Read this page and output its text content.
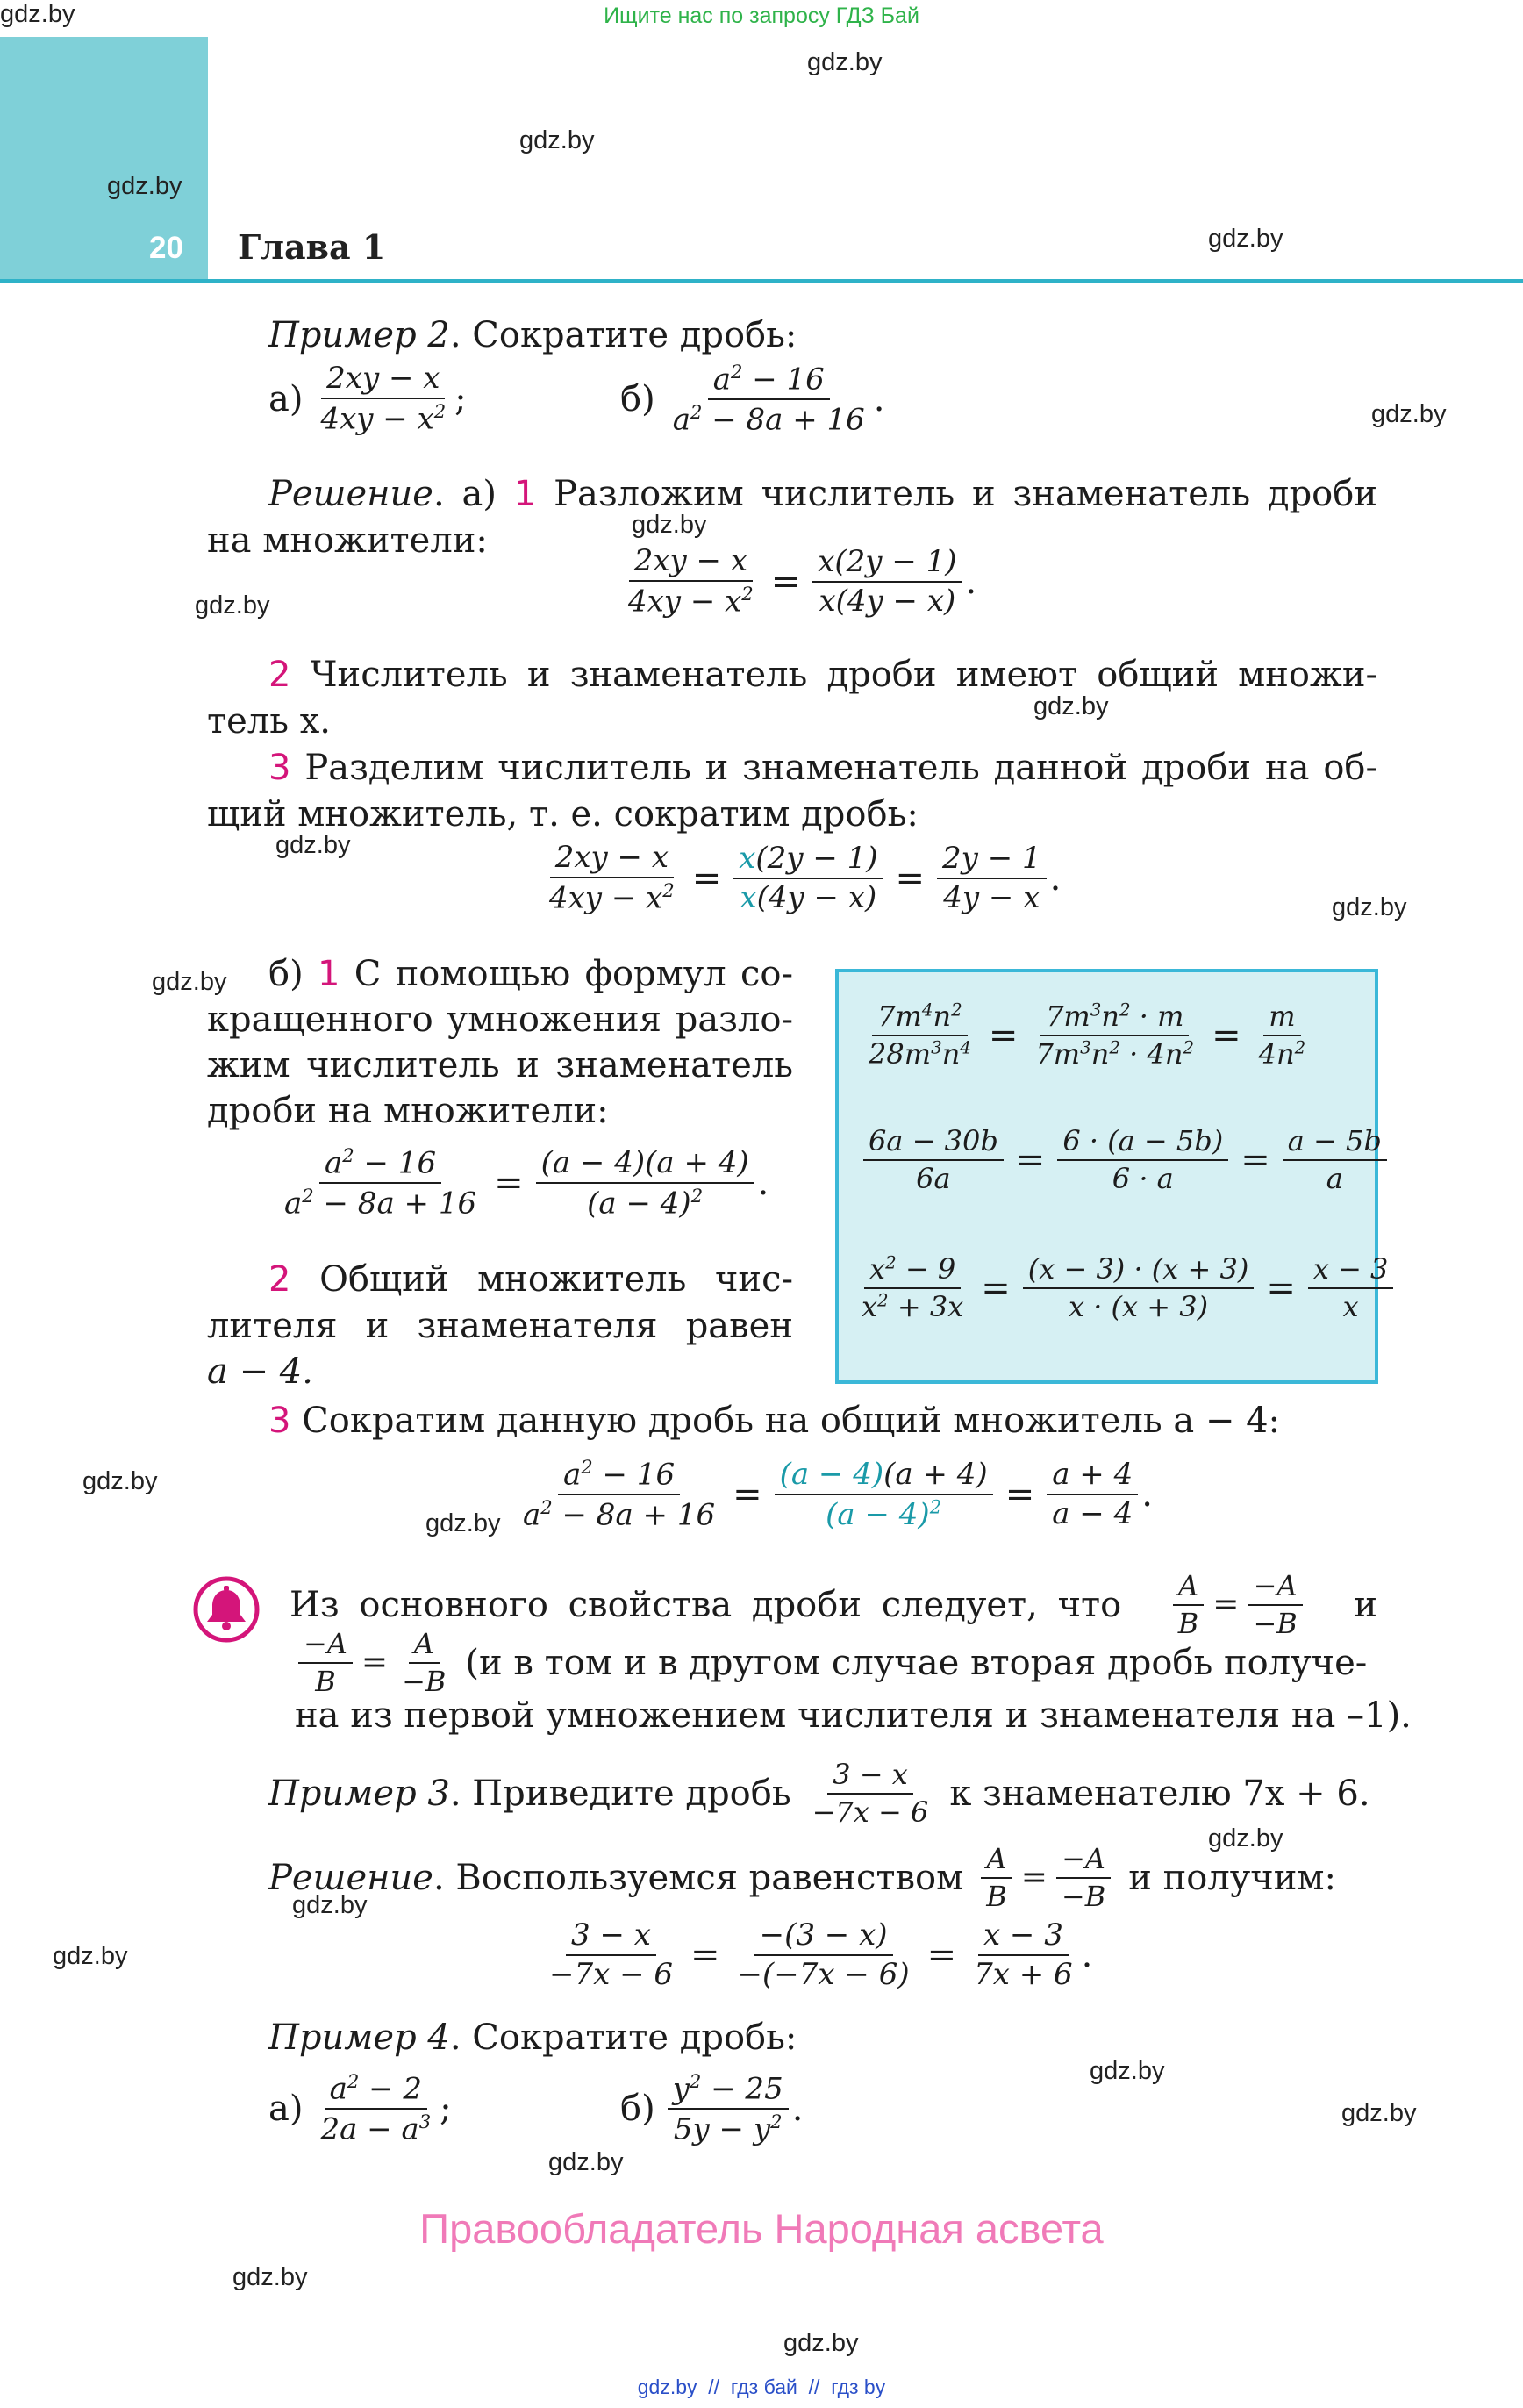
Ищите нас по запросу ГДЗ Бай
20 Глава 1
gdz.by
gdz.by
gdz.by
gdz.by
gdz.by
gdz.by
gdz.by
gdz.by
gdz.by
gdz.by
gdz.by
gdz.by
gdz.by
gdz.by
gdz.by
gdz.by
gdz.by
gdz.by
gdz.by
gdz.by
gdz.by
Пример 2. Сократите дробь:
а)
2xy − x
$4xy - x^2$ ;	б)
$a^2 - 16$
$a^2 - 8a + 16$
.
Решение. а) 1 Разложим числитель и знаменатель дроби
на множители:
$\frac{2xy - x}{4xy - x^2} = \frac{x(2y - 1)}{x(4y - x)}$ .
2 Числитель и знаменатель дроби имеют общий множи-
тель x.
3 Разделим числитель и знаменатель данной дроби на об-
щий множитель, т. е. сократим дробь:
$\frac{2xy - x}{4xy - x^2} = \frac{x(2y - 1)}{x(4y - x)} = \frac{2y - 1}{4y - x}$ .
б) 1 С помощью формул со-
кращенного умножения разло-
жим числитель и знаменатель
дроби на множители:
$\frac{a^2 - 16}{a^2 - 8a + 16} = \frac{(a - 4)(a + 4)}{(a - 4)^2}$ .
2 Общий множитель чис-
лителя и знаменателя равен
a − 4.
$\frac{7m^4n^2}{28m^3n^4} = \frac{7m^3n^2 \cdot m}{7m^3n^2 \cdot 4n^2} = \frac{m}{4n^2}$
$\frac{6a - 30b}{6a} = \frac{6 \cdot (a - 5b)}{6 \cdot a} = \frac{a - 5b}{a}$
$\frac{x^2 - 9}{x^2 + 3x} = \frac{(x - 3) \cdot (x + 3)}{x \cdot (x + 3)} = \frac{x - 3}{x}$
3 Сократим данную дробь на общий множитель a − 4:
$\frac{a^2 - 16}{a^2 - 8a + 16} = \frac{(a - 4)(a + 4)}{(a - 4)^2} = \frac{a + 4}{a - 4}$ .
Из основного свойства дроби следует, что $\frac{A}{B} = \frac{-A}{-B}$ и
$\frac{-A}{B} = \frac{A}{-B} (и$ в том и в другом случае вторая дробь получе-
на из первой умножением числителя и знаменателя на –1).
Пример 3 . Приведите дробь 3 − x
−7x − 6 к знаменателю 7x + 6.
Решение . Воспользуемся равенством $\frac{A}{B} = \frac{-A}{-B}$ и получим:
$\frac{3 - x}{-7x - 6} = \frac{-(3 - x)}{-(-7x - 6)} = \frac{x - 3}{7x + 6}$ .
Пример 4. Сократите дробь:
а)
$a^2 - 2$
$2a - a^3$ ;	б)
$y^2 - 25$
$5y - y^2$ .
Правообладатель Народная асвета
gdz.by
gdz.by  //  гдз бай  //  гдз by
